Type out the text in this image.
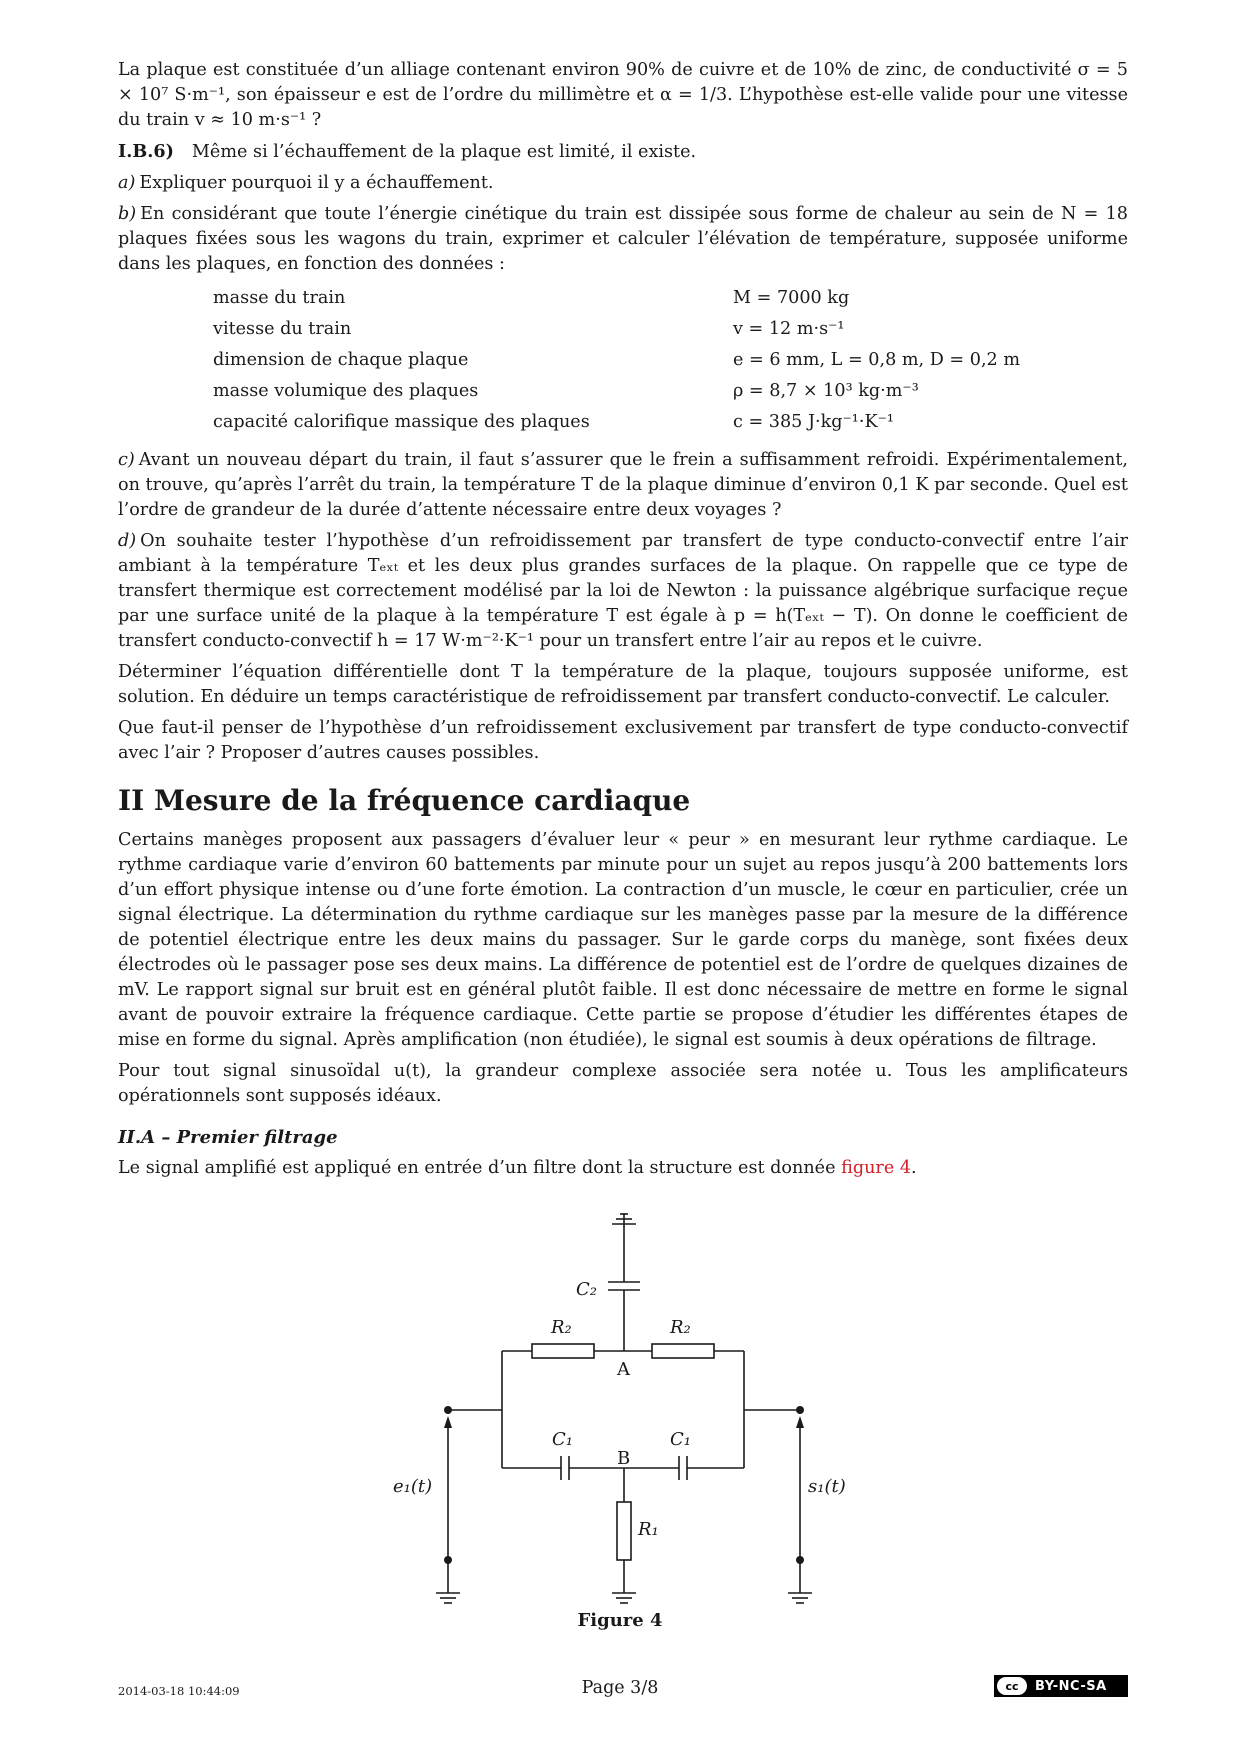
La plaque est constituée d’un alliage contenant environ 90% de cuivre et de 10% de zinc, de conductivité σ = 5 × 10⁷ S·m⁻¹, son épaisseur e est de l’ordre du millimètre et α = 1/3. L’hypothèse est-elle valide pour une vitesse du train v ≈ 10 m·s⁻¹ ?

I.B.6) Même si l’échauffement de la plaque est limité, il existe.

a) Expliquer pourquoi il y a échauffement.

b) En considérant que toute l’énergie cinétique du train est dissipée sous forme de chaleur au sein de N = 18 plaques fixées sous les wagons du train, exprimer et calculer l’élévation de température, supposée uniforme dans les plaques, en fonction des données :

masse du train	M = 7000 kg
vitesse du train	v = 12 m·s⁻¹
dimension de chaque plaque	e = 6 mm, L = 0,8 m, D = 0,2 m
masse volumique des plaques	ρ = 8,7 × 10³ kg·m⁻³
capacité calorifique massique des plaques	c = 385 J·kg⁻¹·K⁻¹

c) Avant un nouveau départ du train, il faut s’assurer que le frein a suffisamment refroidi. Expérimentalement, on trouve, qu’après l’arrêt du train, la température T de la plaque diminue d’environ 0,1 K par seconde. Quel est l’ordre de grandeur de la durée d’attente nécessaire entre deux voyages ?

d) On souhaite tester l’hypothèse d’un refroidissement par transfert de type conducto-convectif entre l’air ambiant à la température Tₑₓₜ et les deux plus grandes surfaces de la plaque. On rappelle que ce type de transfert thermique est correctement modélisé par la loi de Newton : la puissance algébrique surfacique reçue par une surface unité de la plaque à la température T est égale à p = h(Tₑₓₜ − T). On donne le coefficient de transfert conducto-convectif h = 17 W·m⁻²·K⁻¹ pour un transfert entre l’air au repos et le cuivre.

Déterminer l’équation différentielle dont T la température de la plaque, toujours supposée uniforme, est solution. En déduire un temps caractéristique de refroidissement par transfert conducto-convectif. Le calculer.

Que faut-il penser de l’hypothèse d’un refroidissement exclusivement par transfert de type conducto-convectif avec l’air ? Proposer d’autres causes possibles.

II Mesure de la fréquence cardiaque

Certains manèges proposent aux passagers d’évaluer leur « peur » en mesurant leur rythme cardiaque. Le rythme cardiaque varie d’environ 60 battements par minute pour un sujet au repos jusqu’à 200 battements lors d’un effort physique intense ou d’une forte émotion. La contraction d’un muscle, le cœur en particulier, crée un signal électrique. La détermination du rythme cardiaque sur les manèges passe par la mesure de la différence de potentiel électrique entre les deux mains du passager. Sur le garde corps du manège, sont fixées deux électrodes où le passager pose ses deux mains. La différence de potentiel est de l’ordre de quelques dizaines de mV. Le rapport signal sur bruit est en général plutôt faible. Il est donc nécessaire de mettre en forme le signal avant de pouvoir extraire la fréquence cardiaque. Cette partie se propose d’étudier les différentes étapes de mise en forme du signal. Après amplification (non étudiée), le signal est soumis à deux opérations de filtrage.

Pour tout signal sinusoïdal u(t), la grandeur complexe associée sera notée u. Tous les amplificateurs opérationnels sont supposés idéaux.

II.A – Premier filtrage

Le signal amplifié est appliqué en entrée d’un filtre dont la structure est donnée figure 4.

C₂
R₂	R₂
A
C₁	C₁
B
R₁
e₁(t)	s₁(t)
Figure 4
2014-03-18 10:44:09	Page 3/8	cc	BY-NC-SA
